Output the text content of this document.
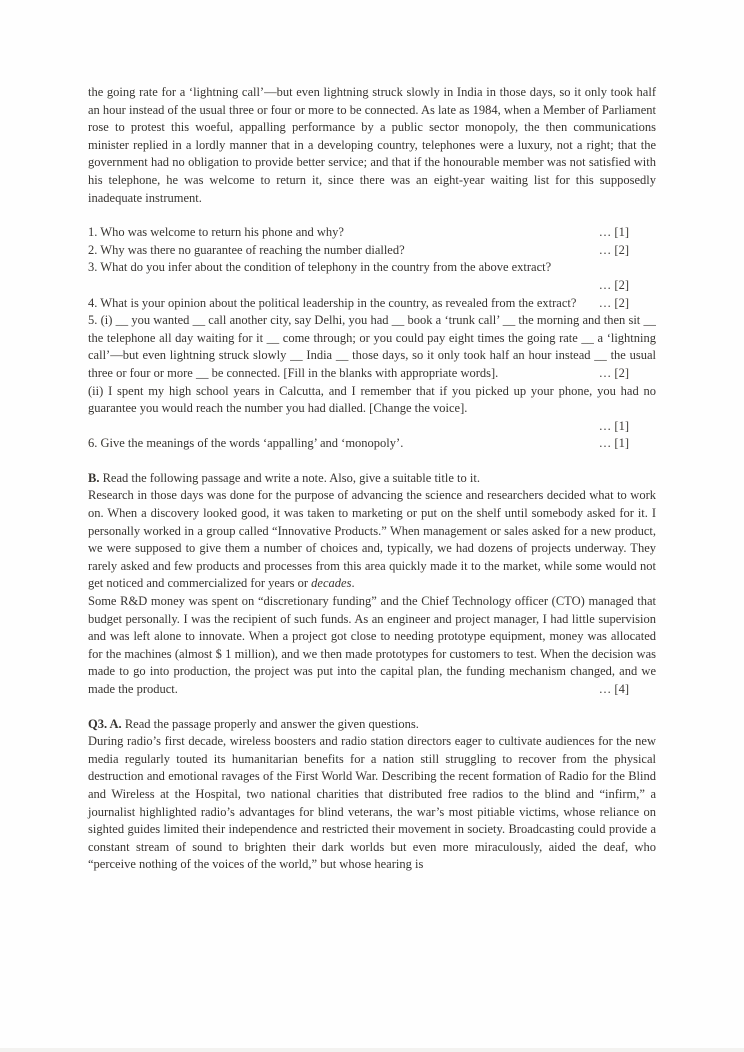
the going rate for a ‘lightning call’—but even lightning struck slowly in India in those days, so it only took half an hour instead of the usual three or four or more to be connected. As late as 1984, when a Member of Parliament rose to protest this woeful, appalling performance by a public sector monopoly, the then communications minister replied in a lordly manner that in a developing country, telephones were a luxury, not a right; that the government had no obligation to provide better service; and that if the honourable member was not satisfied with his telephone, he was welcome to return it, since there was an eight-year waiting list for this supposedly inadequate instrument.

1. Who was welcome to return his phone and why?	… [1]
2. Why was there no guarantee of reaching the number dialled?	… [2]
3. What do you infer about the condition of telephony in the country from the above extract?
… [2]
4. What is your opinion about the political leadership in the country, as revealed from the extract? … [2]
5. (i) __ you wanted __ call another city, say Delhi, you had __ book a ‘trunk call’ __ the morning and then sit __ the telephone all day waiting for it __ come through; or you could pay eight times the going rate __ a ‘lightning call’—but even lightning struck slowly __ India __ those days, so it only took half an hour instead __ the usual three or four or more __ be connected. [Fill in the blanks with appropriate words].	… [2]
(ii) I spent my high school years in Calcutta, and I remember that if you picked up your phone, you had no guarantee you would reach the number you had dialled. [Change the voice].
… [1]
6. Give the meanings of the words ‘appalling’ and ‘monopoly’.	… [1]
B. Read the following passage and write a note. Also, give a suitable title to it.

Research in those days was done for the purpose of advancing the science and researchers decided what to work on. When a discovery looked good, it was taken to marketing or put on the shelf until somebody asked for it. I personally worked in a group called “Innovative Products.” When management or sales asked for a new product, we were supposed to give them a number of choices and, typically, we had dozens of projects underway. They rarely asked and few products and processes from this area quickly made it to the market, while some would not get noticed and commercialized for years or decades.

Some R&D money was spent on “discretionary funding” and the Chief Technology officer (CTO) managed that budget personally. I was the recipient of such funds. As an engineer and project manager, I had little supervision and was left alone to innovate. When a project got close to needing prototype equipment, money was allocated for the machines (almost $ 1 million), and we then made prototypes for customers to test. When the decision was made to go into production, the project was put into the capital plan, the funding mechanism changed, and we made the product.	… [4]

Q3. A. Read the passage properly and answer the given questions.

During radio’s first decade, wireless boosters and radio station directors eager to cultivate audiences for the new media regularly touted its humanitarian benefits for a nation still struggling to recover from the physical destruction and emotional ravages of the First World War. Describing the recent formation of Radio for the Blind and Wireless at the Hospital, two national charities that distributed free radios to the blind and “infirm,” a journalist highlighted radio’s advantages for blind veterans, the war’s most pitiable victims, whose reliance on sighted guides limited their independence and restricted their movement in society. Broadcasting could provide a constant stream of sound to brighten their dark worlds but even more miraculously, aided the deaf, who “perceive nothing of the voices of the world,” but whose hearing is
